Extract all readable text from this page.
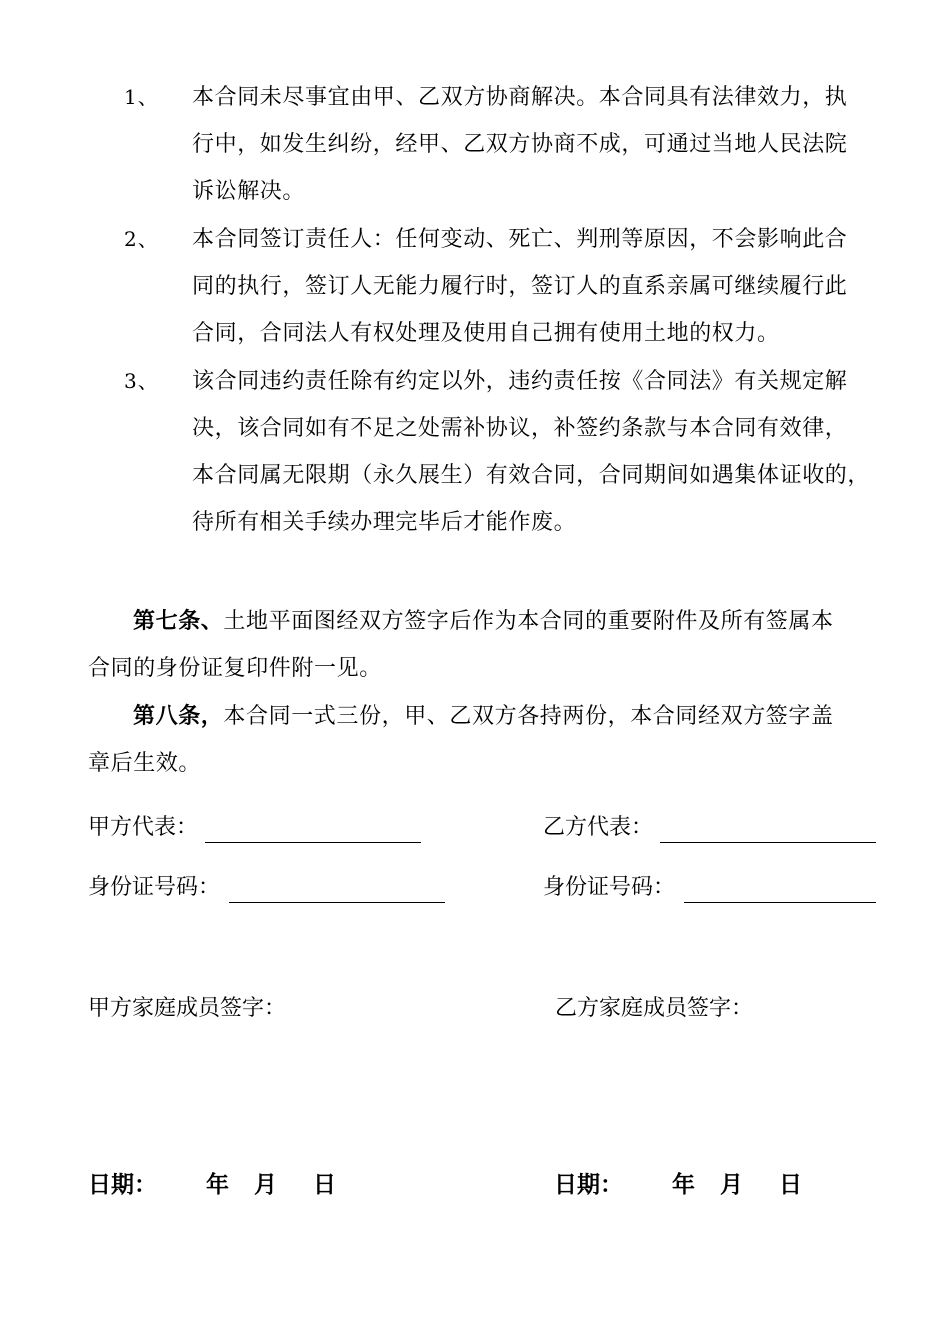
1、 本合同未尽事宜由甲、乙双方协商解决。本合同具有法律效力，执
行中，如发生纠纷，经甲、乙双方协商不成，可通过当地人民法院
诉讼解决。
2、 本合同签订责任人：任何变动、死亡、判刑等原因，不会影响此合
同的执行，签订人无能力履行时，签订人的直系亲属可继续履行此
合同，合同法人有权处理及使用自己拥有使用土地的权力。
3、 该合同违约责任除有约定以外，违约责任按《合同法》有关规定解
决，该合同如有不足之处需补协议，补签约条款与本合同有效律，
本合同属无限期（永久展生）有效合同，合同期间如遇集体证收的，
待所有相关手续办理完毕后才能作废。
第七条、土地平面图经双方签字后作为本合同的重要附件及所有签属本
合同的身份证复印件附一见。
第八条，本合同一式三份，甲、乙双方各持两份，本合同经双方签字盖
章后生效。
甲方代表：	乙方代表：
身份证号码：	身份证号码：
甲方家庭成员签字：	乙方家庭成员签字：
日期： 年 月 日	日期： 年 月 日
